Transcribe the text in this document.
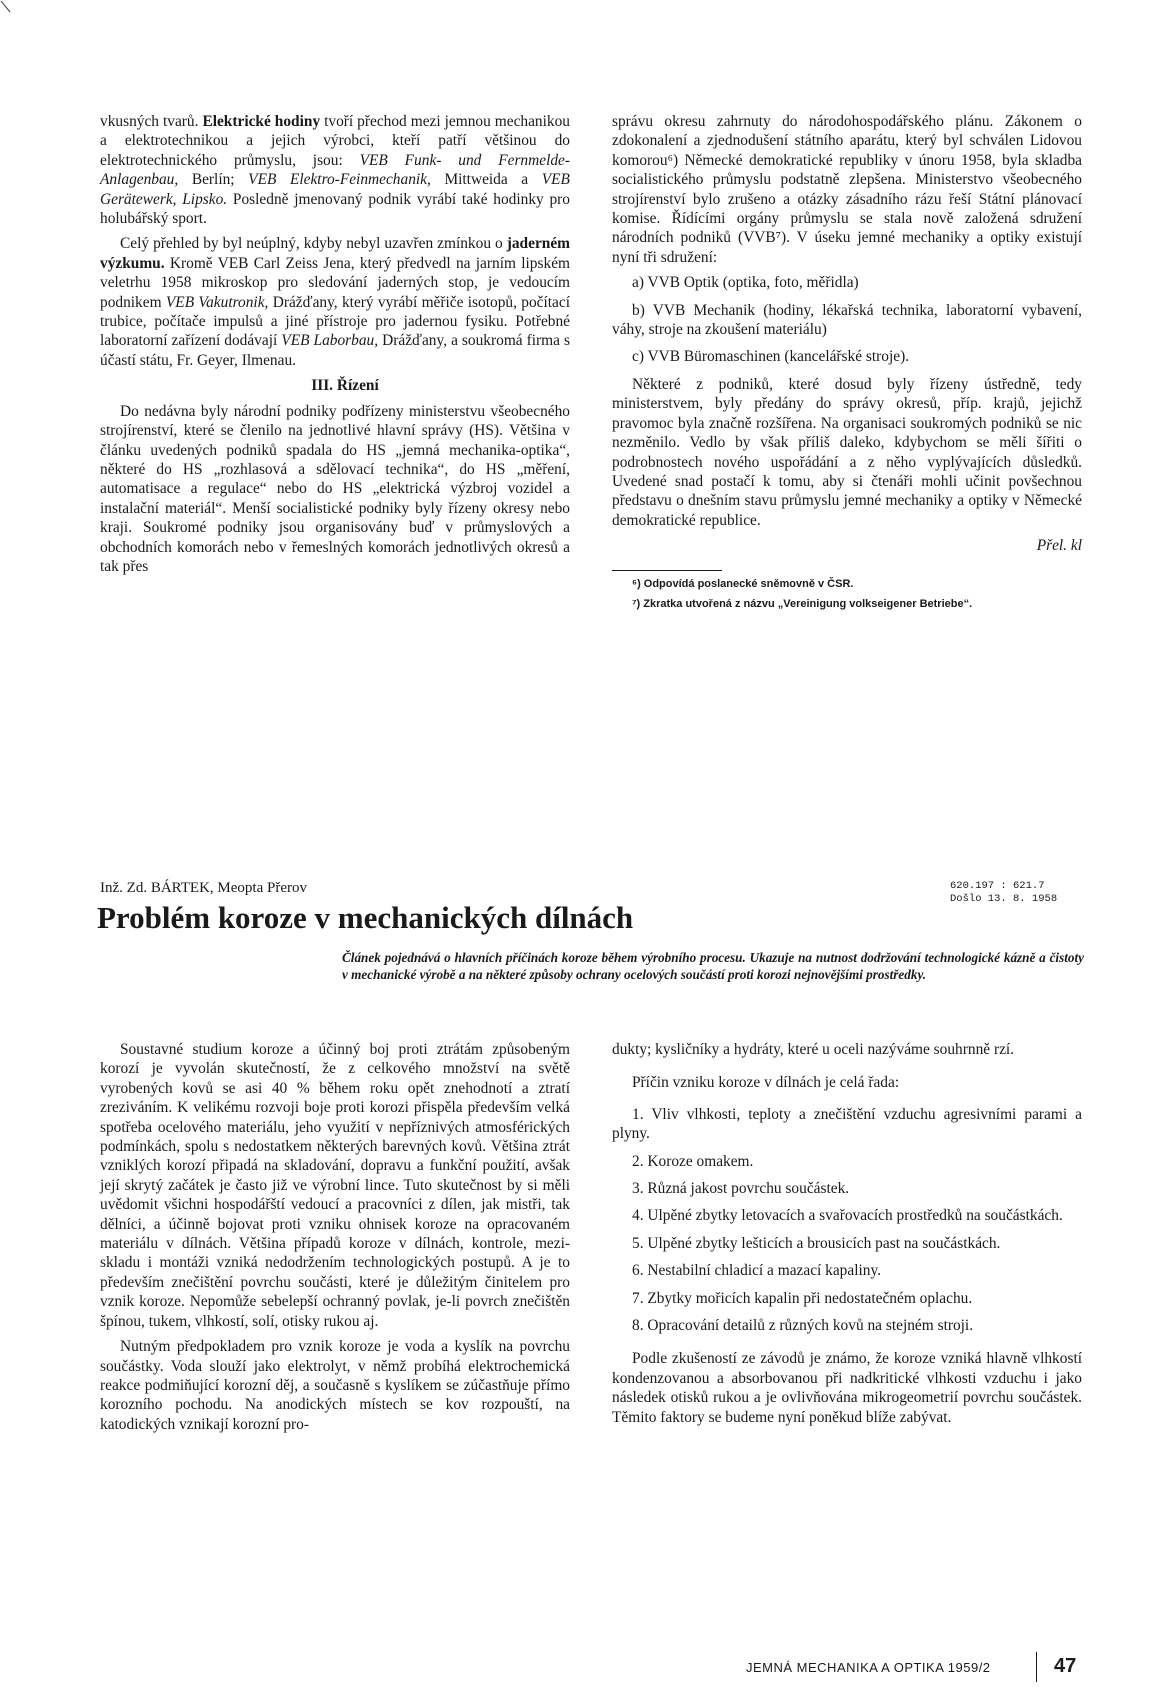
vkusných tvarů. Elektrické hodiny tvoří přechod mezi jemnou mechanikou a elektrotechnikou a jejich výrobci, kteří patří většinou do elektrotechnického průmyslu, jsou: VEB Funk- und Fernmelde-Anlagenbau, Berlín; VEB Elektro-Feinmechanik, Mittweida a VEB Gerätewerk, Lipsko. Posledně jmenovaný podnik vyrábí také hodinky pro holubářský sport.

Celý přehled by byl neúplný, kdyby nebyl uzavřen zmínkou o jaderném výzkumu. Kromě VEB Carl Zeiss Jena, který předvedl na jarním lipském veletrhu 1958 mikroskop pro sledování jaderných stop, je vedoucím podnikem VEB Vakutronik, Drážďany, který vyrábí měřiče isotopů, počítací trubice, počítače impulsů a jiné přístroje pro jadernou fysiku. Potřebné laboratorní zařízení dodávají VEB Laborbau, Drážďany, a soukromá firma s účastí státu, Fr. Geyer, Ilmenau.

III. Řízení

Do nedávna byly národní podniky podřízeny ministerstvu všeobecného strojírenství, které se členilo na jednotlivé hlavní správy (HS). Většina v článku uvedených podniků spadala do HS „jemná mechanika-optika“, některé do HS „rozhlasová a sdělovací technika“, do HS „měření, automatisace a regulace“ nebo do HS „elektrická výzbroj vozidel a instalační materiál“. Menší socialistické podniky byly řízeny okresy nebo kraji. Soukromé podniky jsou organisovány buď v průmyslových a obchodních komorách nebo v řemeslných komorách jednotlivých okresů a tak přes

správu okresu zahrnuty do národohospodářského plánu. Zákonem o zdokonalení a zjednodušení státního aparátu, který byl schválen Lidovou komorou⁶) Německé demokratické republiky v únoru 1958, byla skladba socialistického průmyslu podstatně zlepšena. Ministerstvo všeobecného strojírenství bylo zrušeno a otázky zásadního rázu řeší Státní plánovací komise. Řídícími orgány průmyslu se stala nově založená sdružení národních podniků (VVB⁷). V úseku jemné mechaniky a optiky existují nyní tři sdružení:

a) VVB Optik (optika, foto, měřidla)

b) VVB Mechanik (hodiny, lékařská technika, laboratorní vybavení, váhy, stroje na zkoušení materiálu)

c) VVB Büromaschinen (kancelářské stroje).

Některé z podniků, které dosud byly řízeny ústředně, tedy ministerstvem, byly předány do správy okresů, příp. krajů, jejichž pravomoc byla značně rozšířena. Na organisaci soukromých podniků se nic nezměnilo. Vedlo by však příliš daleko, kdybychom se měli šířiti o podrobnostech nového uspořádání a z něho vyplývajících důsledků. Uvedené snad postačí k tomu, aby si čtenáři mohli učinit povšechnou představu o dnešním stavu průmyslu jemné mechaniky a optiky v Německé demokratické republice.

Přel. kl

⁶) Odpovídá poslanecké sněmovně v ČSR.

⁷) Zkratka utvořená z názvu „Vereinigung volkseigener Betriebe“.

Inž. Zd. BÁRTEK, Meopta Přerov	620.197 : 621.7
Došlo 13. 8. 1958
Problém koroze v mechanických dílnách
Článek pojednává o hlavních příčinách koroze během výrobního procesu. Ukazuje na nutnost dodržování technologické kázně a čistoty v mechanické výrobě a na některé způsoby ochrany ocelových součástí proti korozi nejnovějšími prostředky.

Soustavné studium koroze a účinný boj proti ztrátám způsobeným korozí je vyvolán skutečností, že z celkového množství na světě vyrobených kovů se asi 40 % během roku opět znehodnotí a ztratí zreziváním. K velikému rozvoji boje proti korozi přispěla především velká spotřeba ocelového materiálu, jeho využití v nepříznivých atmosférických podmínkách, spolu s nedostatkem některých barevných kovů. Většina ztrát vzniklých korozí připadá na skladování, dopravu a funkční použití, avšak její skrytý začátek je často již ve výrobní lince. Tuto skutečnost by si měli uvědomit všichni hospodářští vedoucí a pracovníci z dílen, jak mistři, tak dělníci, a účinně bojovat proti vzniku ohnisek koroze na opracovaném materiálu v dílnách. Většina případů koroze v dílnách, kontrole, mezi-skladu i montáži vzniká nedodržením technologických postupů. A je to především znečištění povrchu součásti, které je důležitým činitelem pro vznik koroze. Nepomůže sebelepší ochranný povlak, je-li povrch znečištěn špínou, tukem, vlhkostí, solí, otisky rukou aj.

Nutným předpokladem pro vznik koroze je voda a kyslík na povrchu součástky. Voda slouží jako elektrolyt, v němž probíhá elektrochemická reakce podmiňující korozní děj, a současně s kyslíkem se zúčastňuje přímo korozního pochodu. Na anodických místech se kov rozpouští, na katodických vznikají korozní pro-

dukty; kysličníky a hydráty, které u oceli nazýváme souhrnně rzí.

Příčin vzniku koroze v dílnách je celá řada:

1. Vliv vlhkosti, teploty a znečištění vzduchu agresivními parami a plyny.

2. Koroze omakem.

3. Různá jakost povrchu součástek.

4. Ulpěné zbytky letovacích a svařovacích prostředků na součástkách.

5. Ulpěné zbytky lešticích a brousicích past na součástkách.

6. Nestabilní chladicí a mazací kapaliny.

7. Zbytky mořicích kapalin při nedostatečném oplachu.

8. Opracování detailů z různých kovů na stejném stroji.

Podle zkušeností ze závodů je známo, že koroze vzniká hlavně vlhkostí kondenzovanou a absorbovanou při nadkritické vlhkosti vzduchu i jako následek otisků rukou a je ovlivňována mikrogeometrií povrchu součástek. Těmito faktory se budeme nyní poněkud blíže zabývat.

JEMNÁ MECHANIKA A OPTIKA 1959/2	47
